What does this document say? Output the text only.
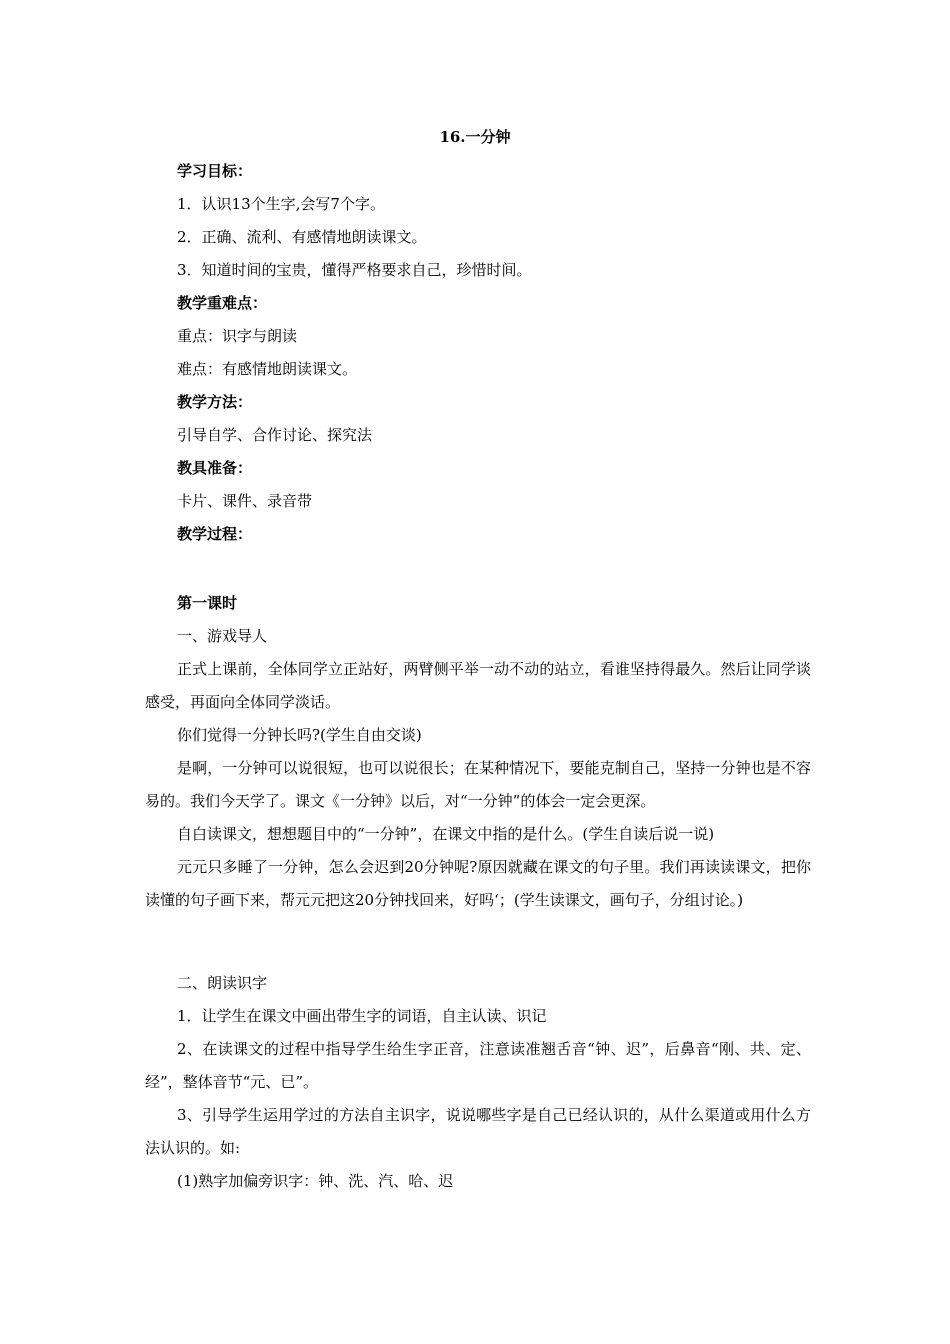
16.一分钟

学习目标：

1．认识13个生字,会写7个字。

2．正确、流利、有感情地朗读课文。

3．知道时间的宝贵，懂得严格要求自己，珍惜时间。

教学重难点：

重点：识字与朗读

难点：有感情地朗读课文。

教学方法：

引导自学、合作讨论、探究法

教具准备：

卡片、课件、录音带

教学过程：

第一课时

一、游戏导人

正式上课前，全体同学立正站好，两臂侧平举一动不动的站立，看谁坚持得最久。然后让同学谈感受，再面向全体同学淡话。

你们觉得一分钟长吗?(学生自由交谈)

是啊，一分钟可以说很短，也可以说很长；在某种情况下，要能克制自己，坚持一分钟也是不容易的。我们今天学了。课文《一分钟》以后，对“一分钟”的体会一定会更深。

自白读课文，想想题目中的“一分钟”，在课文中指的是什么。(学生自读后说一说)

元元只多睡了一分钟，怎么会迟到20分钟呢?原因就藏在课文的句子里。我们再读读课文，把你读懂的句子画下来，帮元元把这20分钟找回来，好吗‘；(学生读课文，画句子，分组讨论。)

二、朗读识字

1．让学生在课文中画出带生字的词语，自主认读、识记

2、在读课文的过程中指导学生给生字正音，注意读准翘舌音“钟、迟”，后鼻音“刚、共、定、经”，整体音节“元、已”。

3、引导学生运用学过的方法自主识字，说说哪些字是自己已经认识的，从什么渠道或用什么方法认识的。如:

(1)熟字加偏旁识字：钟、洗、汽、哈、迟
